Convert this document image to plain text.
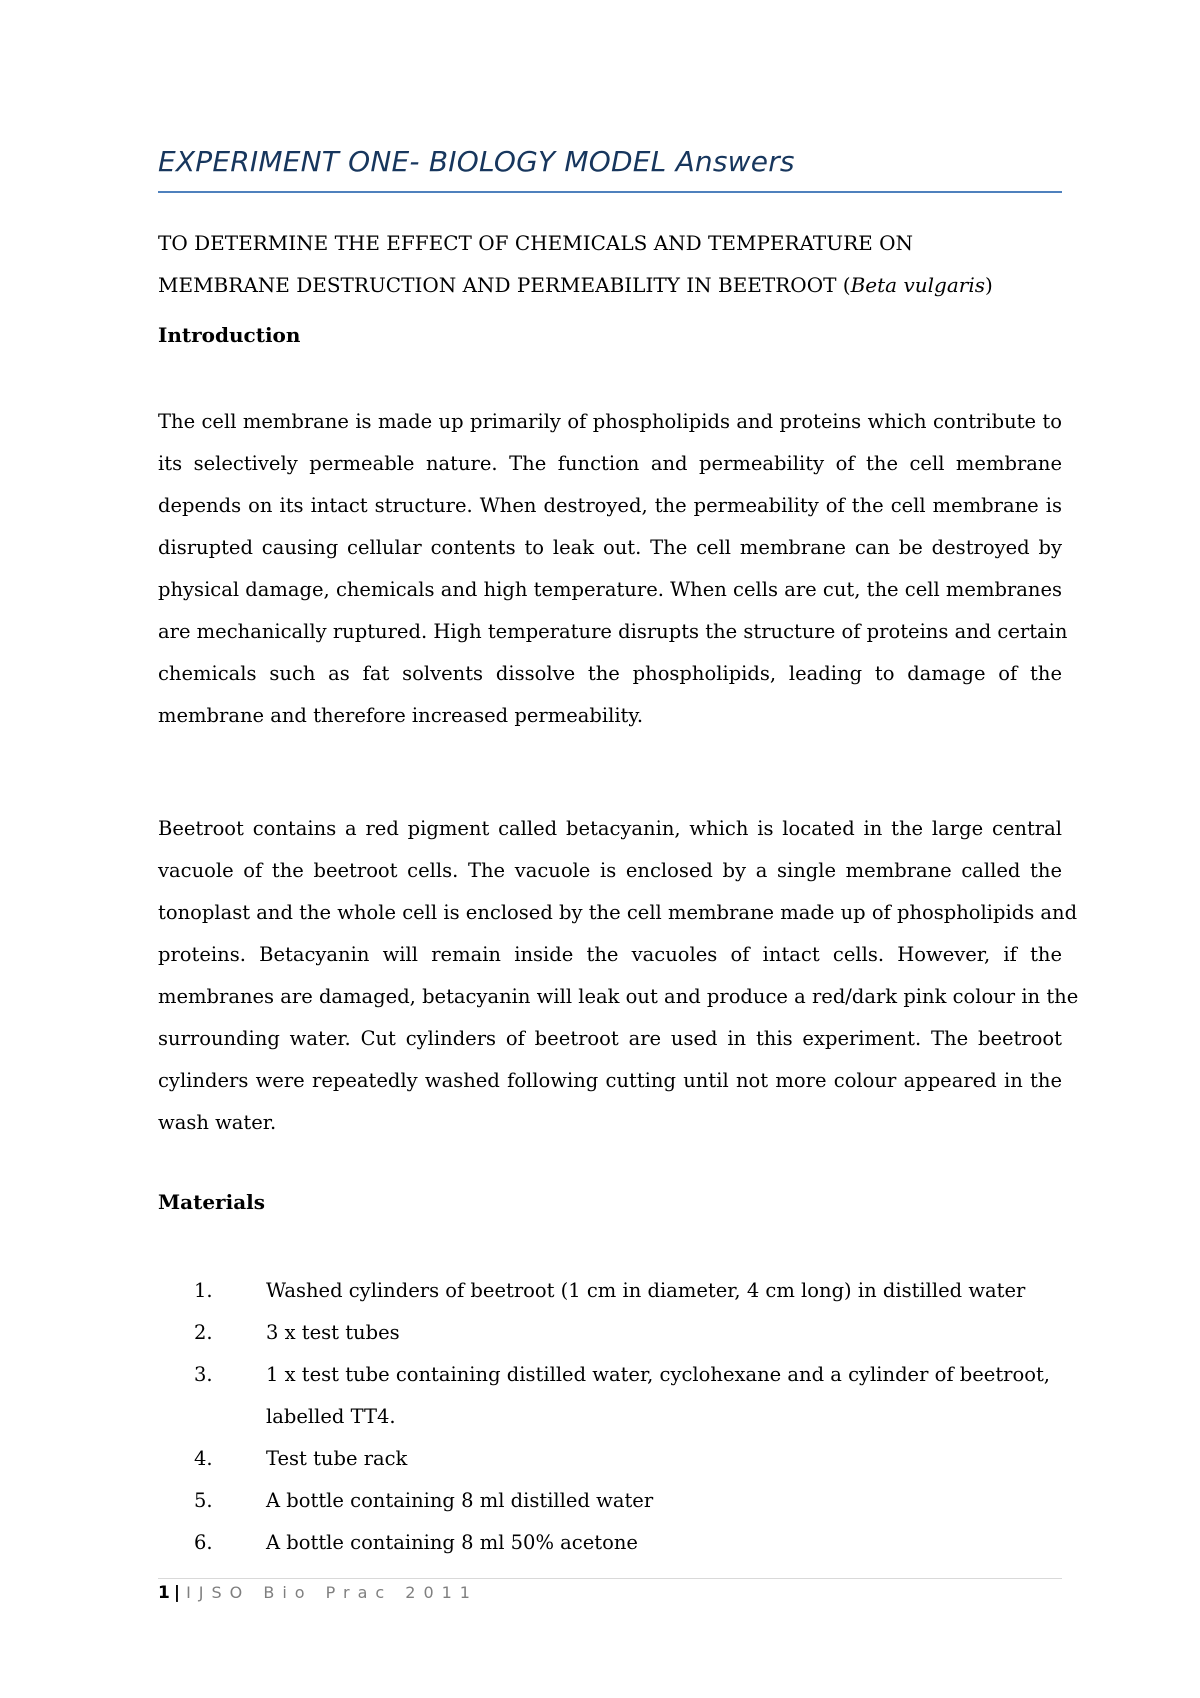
EXPERIMENT ONE- BIOLOGY MODEL Answers
TO DETERMINE THE EFFECT OF CHEMICALS AND TEMPERATURE ON
MEMBRANE DESTRUCTION AND PERMEABILITY IN BEETROOT (Beta vulgaris)
Introduction
The cell membrane is made up primarily of phospholipids and proteins which contribute to
its selectively permeable nature. The function and permeability of the cell membrane
depends on its intact structure. When destroyed, the permeability of the cell membrane is
disrupted causing cellular contents to leak out. The cell membrane can be destroyed by
physical damage, chemicals and high temperature. When cells are cut, the cell membranes
are mechanically ruptured. High temperature disrupts the structure of proteins and certain
chemicals such as fat solvents dissolve the phospholipids, leading to damage of the
membrane and therefore increased permeability.
Beetroot contains a red pigment called betacyanin, which is located in the large central
vacuole of the beetroot cells. The vacuole is enclosed by a single membrane called the
tonoplast and the whole cell is enclosed by the cell membrane made up of phospholipids and
proteins. Betacyanin will remain inside the vacuoles of intact cells. However, if the
membranes are damaged, betacyanin will leak out and produce a red/dark pink colour in the
surrounding water. Cut cylinders of beetroot are used in this experiment. The beetroot
cylinders were repeatedly washed following cutting until not more colour appeared in the
wash water.
Materials
1.	Washed cylinders of beetroot (1 cm in diameter, 4 cm long) in distilled water
2.	3 x test tubes
3.	1 x test tube containing distilled water, cyclohexane and a cylinder of beetroot,
labelled TT4.
4.	Test tube rack
5.	A bottle containing 8 ml distilled water
6.	A bottle containing 8 ml 50% acetone
1 | IJSO Bio Prac 2011
